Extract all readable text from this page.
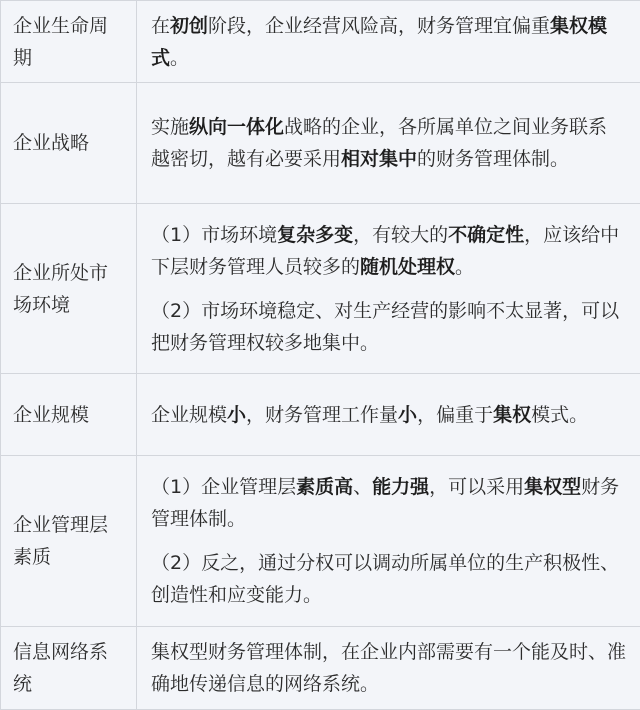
企业生命周期	在初创阶段，企业经营风险高，财务管理宜偏重集权模式。

企业战略	实施纵向一体化战略的企业，各所属单位之间业务联系越密切，越有必要采用相对集中的财务管理体制。

企业所处市场环境	（1）市场环境复杂多变，有较大的不确定性，应该给中下层财务管理人员较多的随机处理权。

（2）市场环境稳定、对生产经营的影响不太显著，可以把财务管理权较多地集中。

企业规模	企业规模小，财务管理工作量小，偏重于集权模式。

企业管理层素质	（1）企业管理层素质高、能力强，可以采用集权型财务管理体制。

（2）反之，通过分权可以调动所属单位的生产积极性、创造性和应变能力。

信息网络系统	集权型财务管理体制，在企业内部需要有一个能及时、准确地传递信息的网络系统。
